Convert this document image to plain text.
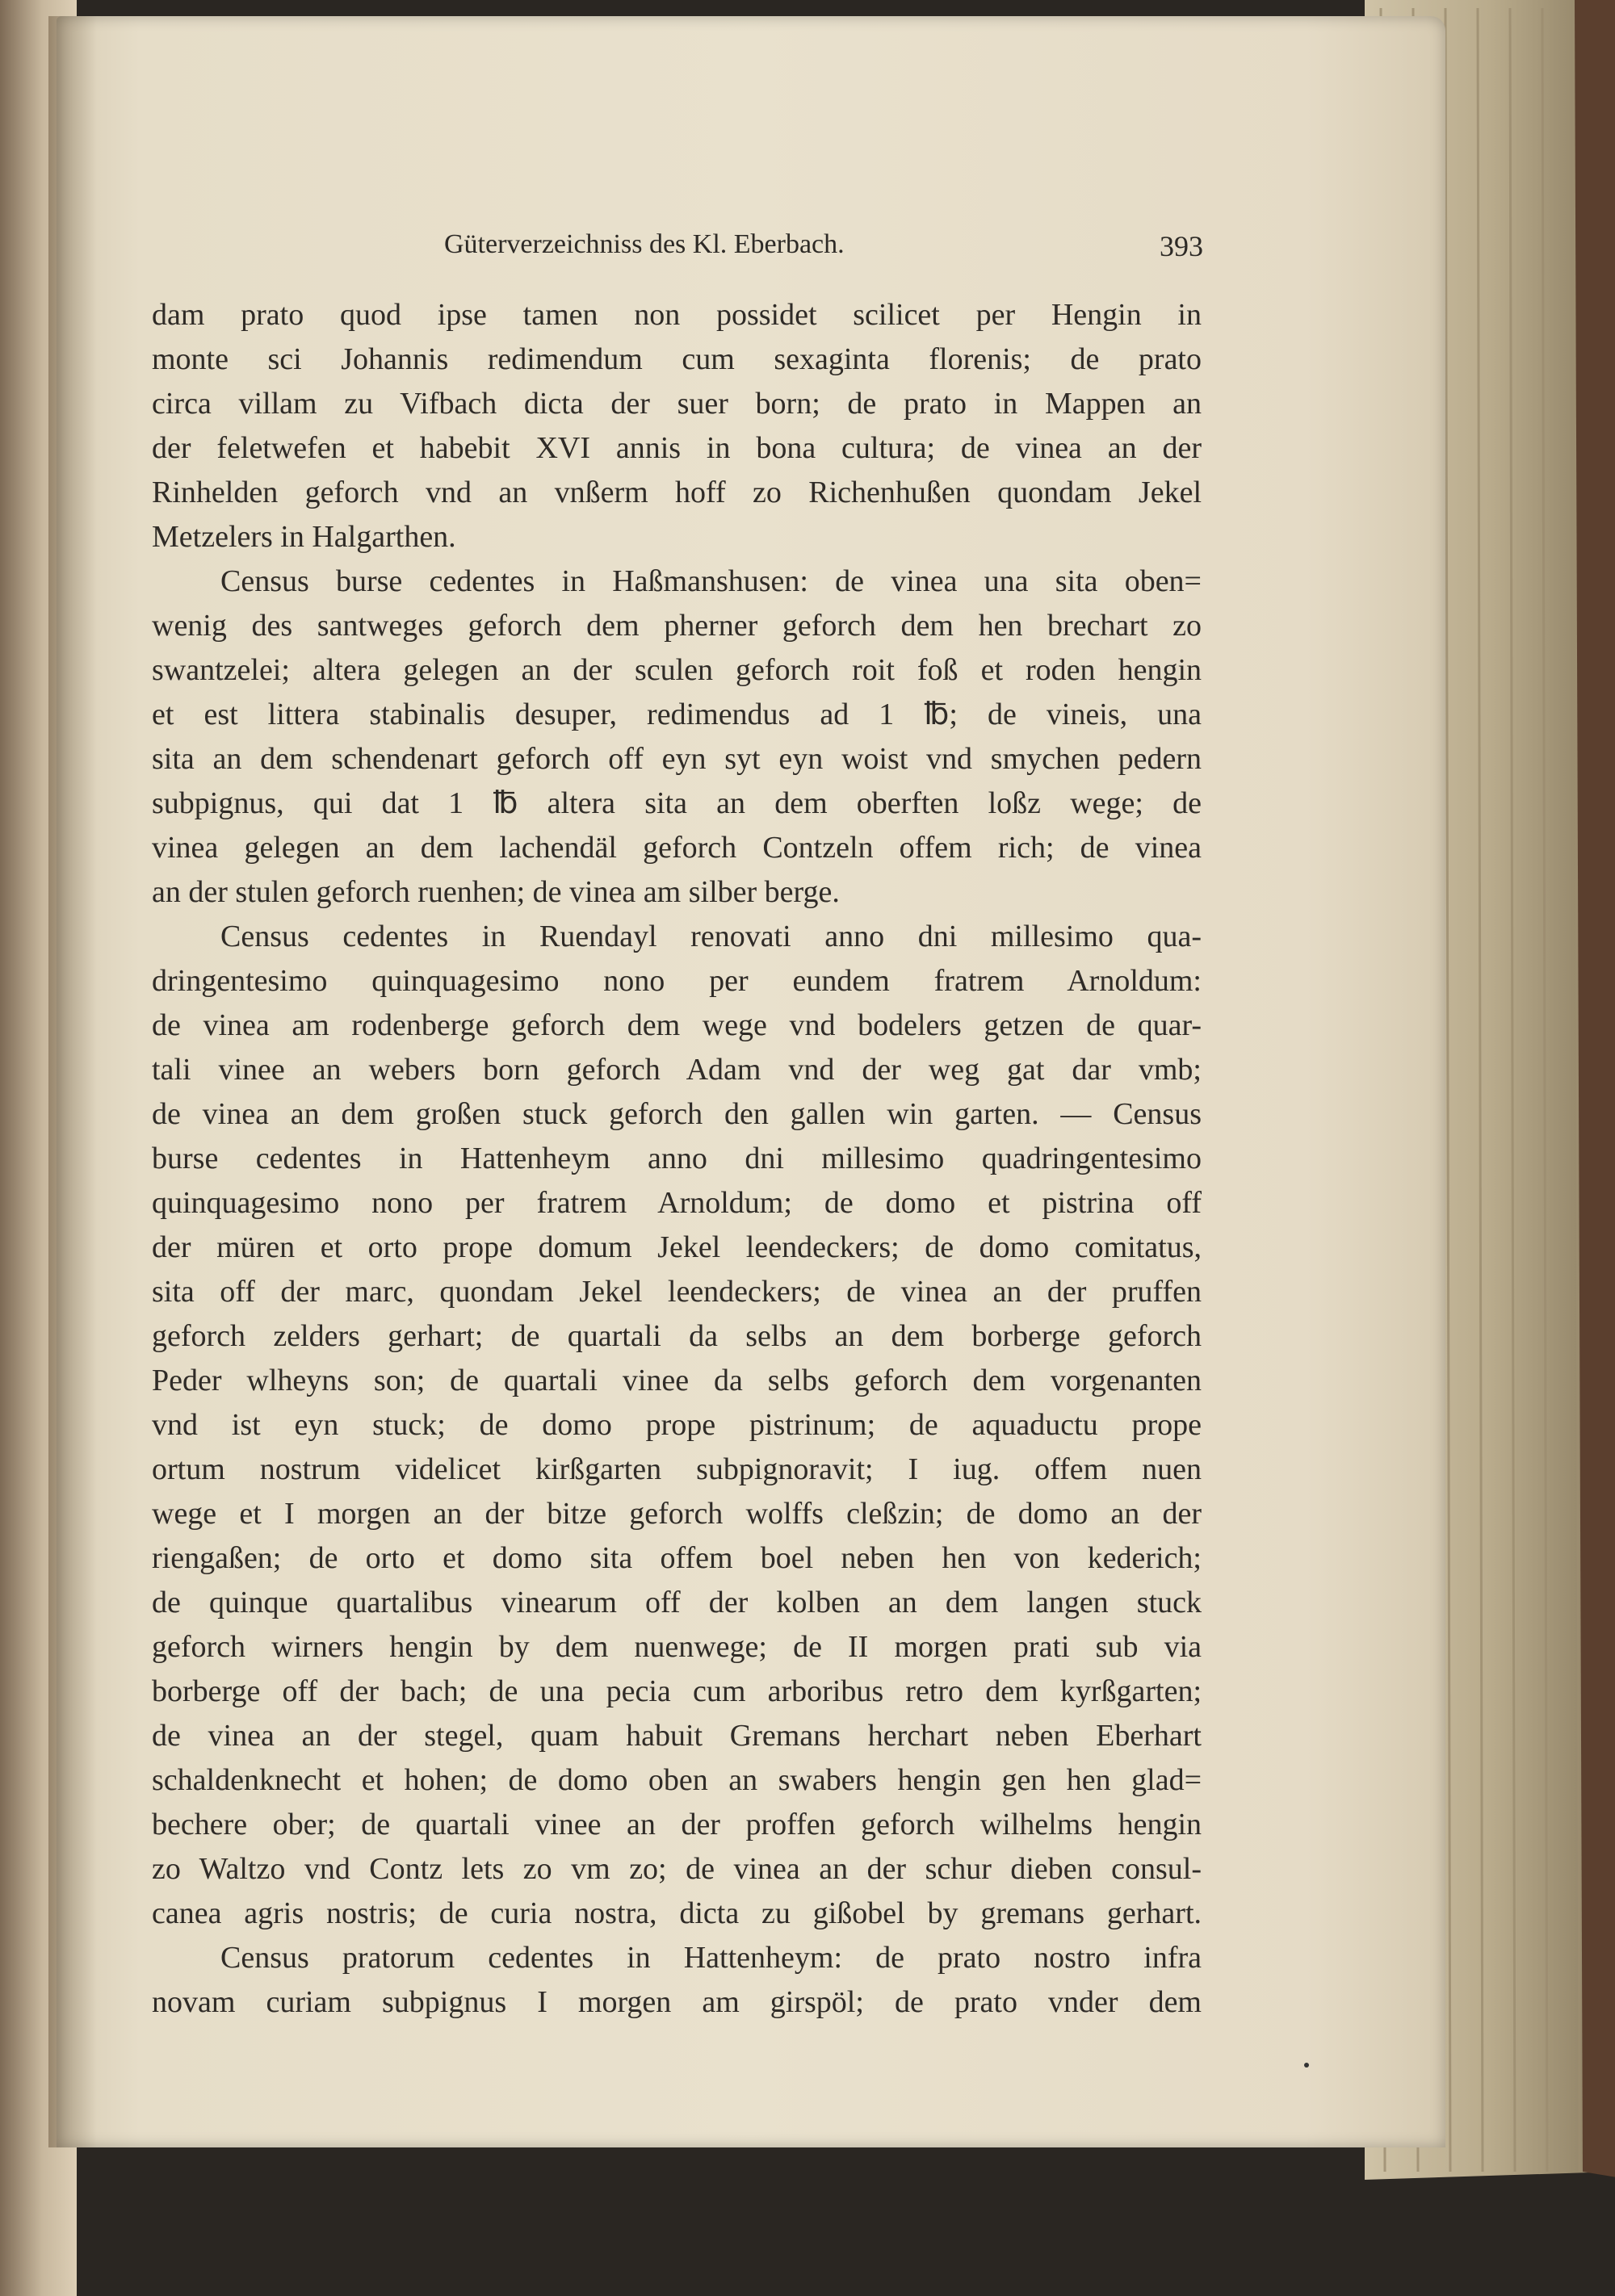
Güterverzeichniss des Kl. Eberbach.	393
dam prato quod ipse tamen non possidet scilicet per Hengin in
monte sci Johannis redimendum cum sexaginta florenis; de prato
circa villam zu Vifbach dicta der suer born; de prato in Mappen an
der feletwefen et habebit XVI annis in bona cultura; de vinea an der
Rinhelden geforch vnd an vnßerm hoff zo Richenhußen quondam Jekel
Metzelers in Halgarthen.
Census burse cedentes in Haßmanshusen: de vinea una sita oben=
wenig des santweges geforch dem pherner geforch dem hen brechart zo
swantzelei; altera gelegen an der sculen geforch roit foß et roden hengin
et est littera stabinalis desuper, redimendus ad 1 ℔; de vineis, una
sita an dem schendenart geforch off eyn syt eyn woist vnd smychen pedern
subpignus, qui dat 1 ℔ altera sita an dem oberften loßz wege; de
vinea gelegen an dem lachendäl geforch Contzeln offem rich; de vinea
an der stulen geforch ruenhen; de vinea am silber berge.
Census cedentes in Ruendayl renovati anno dni millesimo qua-
dringentesimo quinquagesimo nono per eundem fratrem Arnoldum:
de vinea am rodenberge geforch dem wege vnd bodelers getzen de quar-
tali vinee an webers born geforch Adam vnd der weg gat dar vmb;
de vinea an dem großen stuck geforch den gallen win garten. — Census
burse cedentes in Hattenheym anno dni millesimo quadringentesimo
quinquagesimo nono per fratrem Arnoldum; de domo et pistrina off
der müren et orto prope domum Jekel leendeckers; de domo comitatus,
sita off der marc, quondam Jekel leendeckers; de vinea an der pruffen
geforch zelders gerhart; de quartali da selbs an dem borberge geforch
Peder wlheyns son; de quartali vinee da selbs geforch dem vorgenanten
vnd ist eyn stuck; de domo prope pistrinum; de aquaductu prope
ortum nostrum videlicet kirßgarten subpignoravit; I iug. offem nuen
wege et I morgen an der bitze geforch wolffs cleßzin; de domo an der
riengaßen; de orto et domo sita offem boel neben hen von kederich;
de quinque quartalibus vinearum off der kolben an dem langen stuck
geforch wirners hengin by dem nuenwege; de II morgen prati sub via
borberge off der bach; de una pecia cum arboribus retro dem kyrßgarten;
de vinea an der stegel, quam habuit Gremans herchart neben Eberhart
schaldenknecht et hohen; de domo oben an swabers hengin gen hen glad=
bechere ober; de quartali vinee an der proffen geforch wilhelms hengin
zo Waltzo vnd Contz lets zo vm zo; de vinea an der schur dieben consul-
canea agris nostris; de curia nostra, dicta zu gißobel by gremans gerhart.
Census pratorum cedentes in Hattenheym: de prato nostro infra
novam curiam subpignus I morgen am girspöl; de prato vnder dem
